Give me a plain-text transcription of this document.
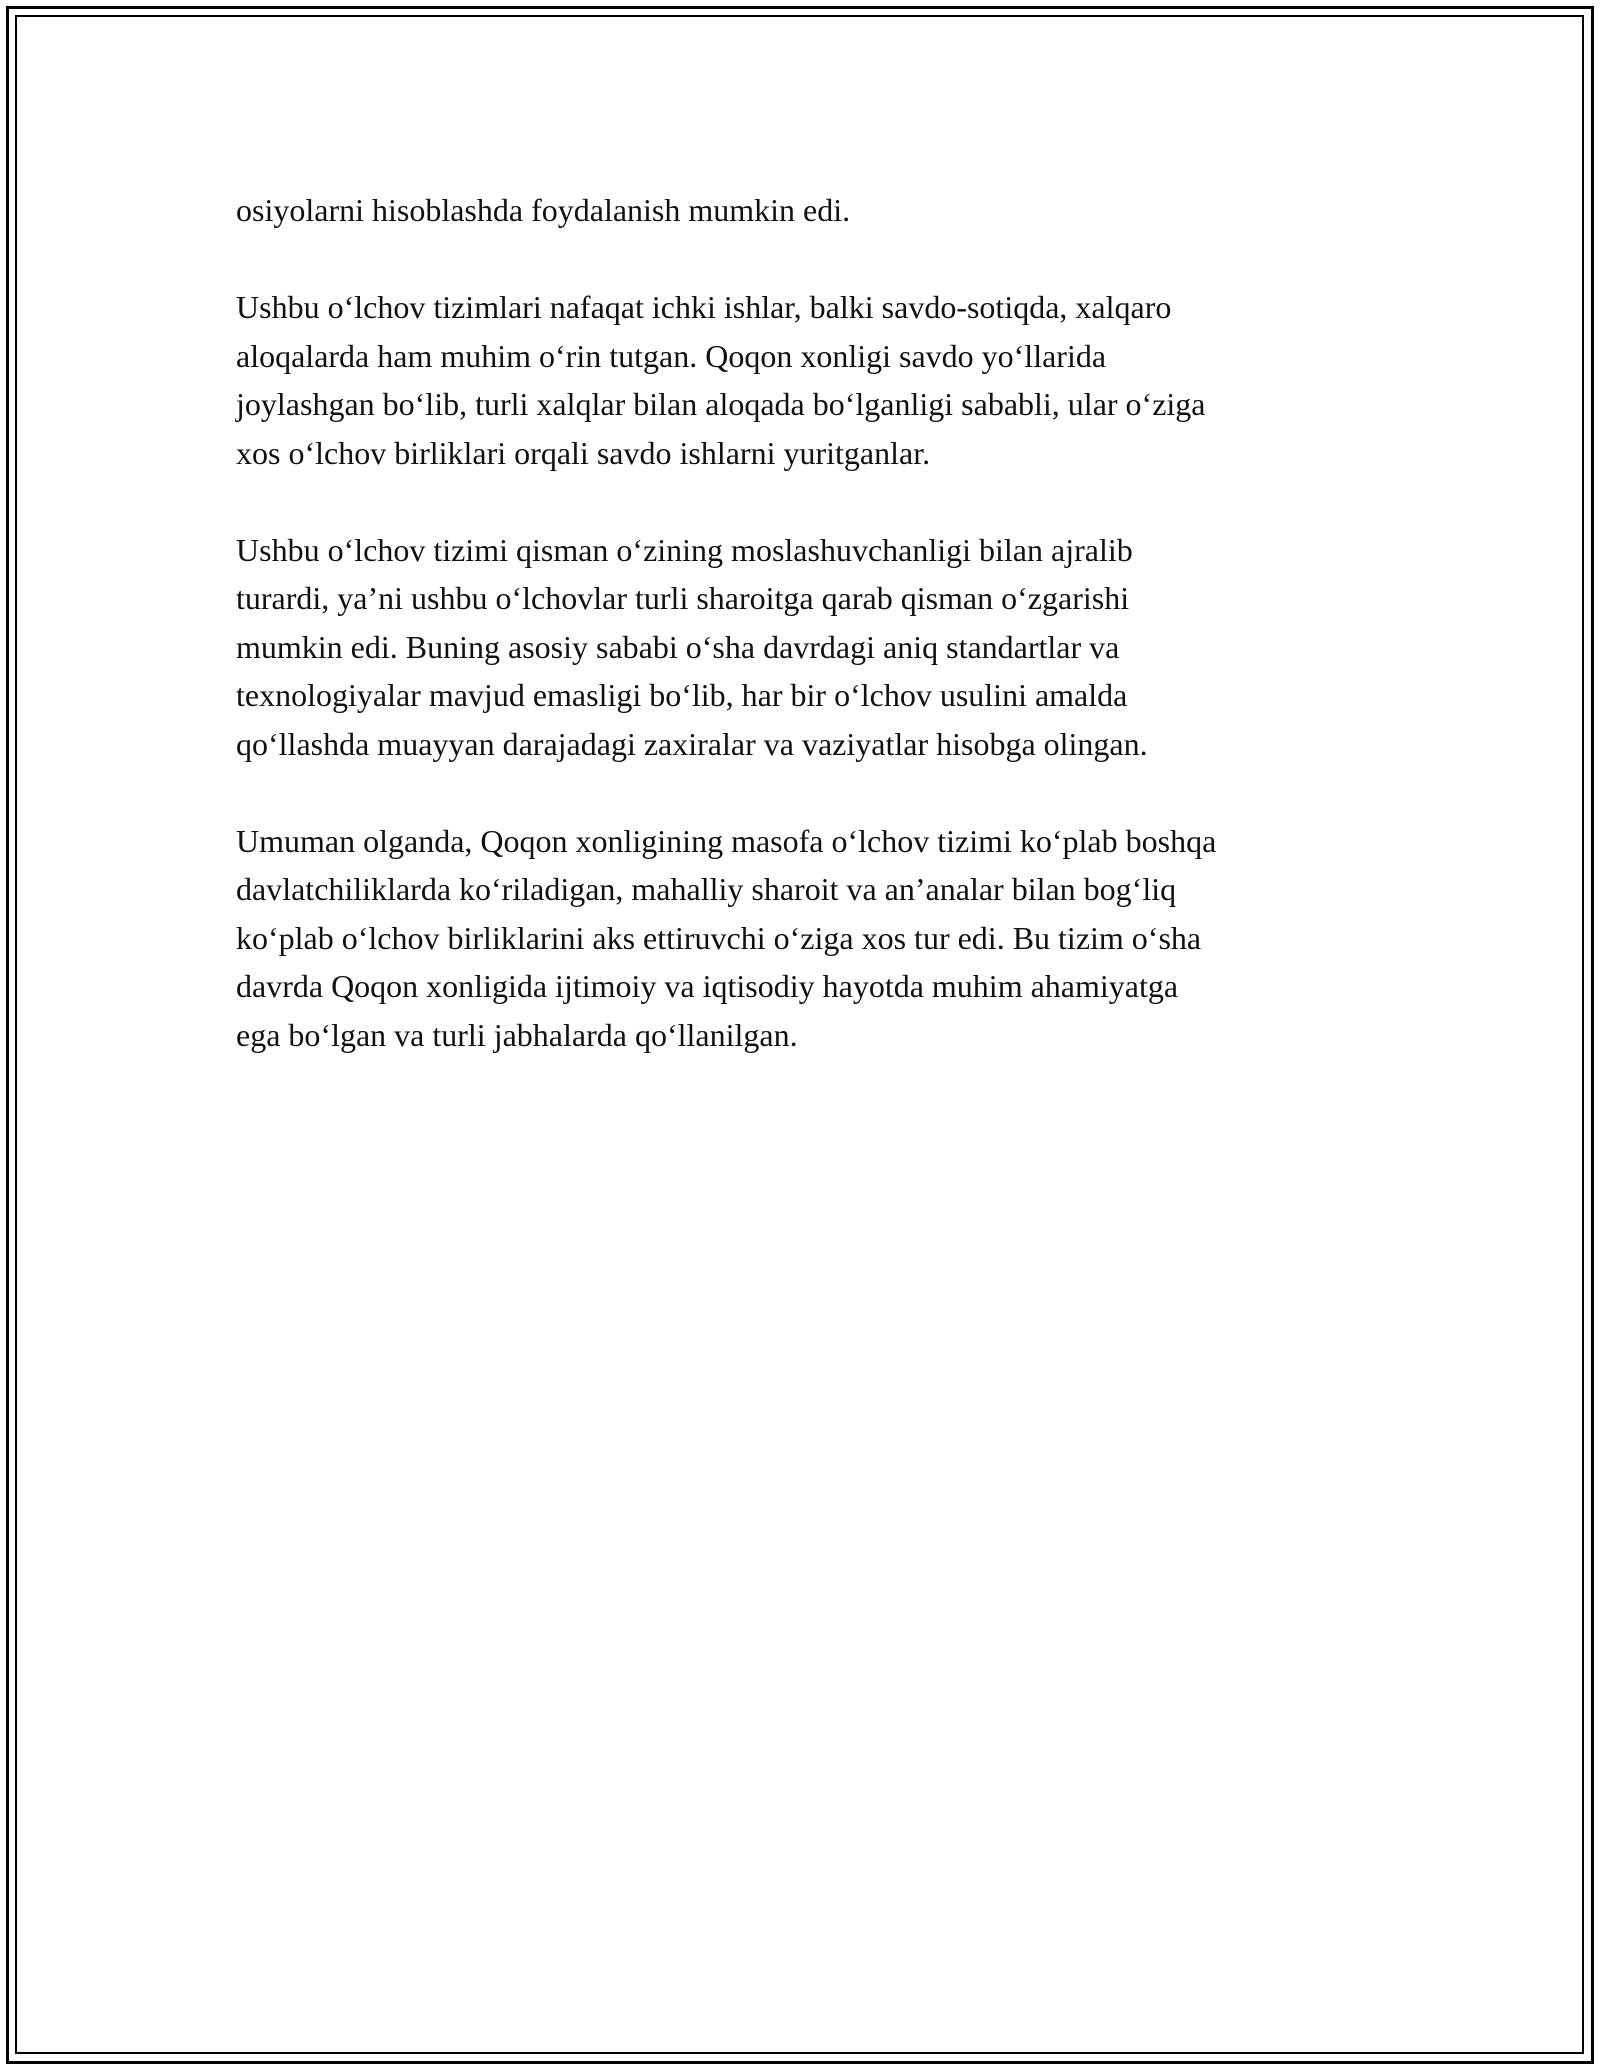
osiyolarni hisoblashda foydalanish mumkin edi.

Ushbu o‘lchov tizimlari nafaqat ichki ishlar, balki savdo-sotiqda, xalqaro
aloqalarda ham muhim o‘rin tutgan. Qoqon xonligi savdo yo‘llarida
joylashgan bo‘lib, turli xalqlar bilan aloqada bo‘lganligi sababli, ular o‘ziga
xos o‘lchov birliklari orqali savdo ishlarni yuritganlar.

Ushbu o‘lchov tizimi qisman o‘zining moslashuvchanligi bilan ajralib
turardi, ya’ni ushbu o‘lchovlar turli sharoitga qarab qisman o‘zgarishi
mumkin edi. Buning asosiy sababi o‘sha davrdagi aniq standartlar va
texnologiyalar mavjud emasligi bo‘lib, har bir o‘lchov usulini amalda
qo‘llashda muayyan darajadagi zaxiralar va vaziyatlar hisobga olingan.

Umuman olganda, Qoqon xonligining masofa o‘lchov tizimi ko‘plab boshqa
davlatchiliklarda ko‘riladigan, mahalliy sharoit va an’analar bilan bog‘liq
ko‘plab o‘lchov birliklarini aks ettiruvchi o‘ziga xos tur edi. Bu tizim o‘sha
davrda Qoqon xonligida ijtimoiy va iqtisodiy hayotda muhim ahamiyatga
ega bo‘lgan va turli jabhalarda qo‘llanilgan.
